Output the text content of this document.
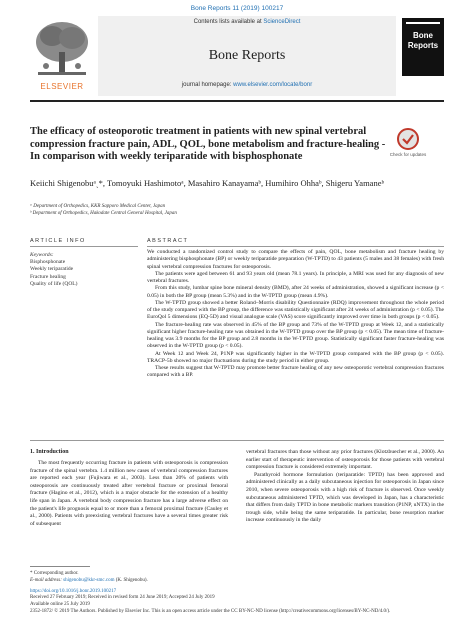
Bone Reports 11 (2019) 100217
ELSEVIER
Contents lists available at ScienceDirect
Bone Reports
journal homepage: www.elsevier.com/locate/bonr
Bone
Reports
The efficacy of osteoporotic treatment in patients with new spinal vertebral compression fracture pain, ADL, QOL, bone metabolism and fracture-healing - In comparison with weekly teriparatide with bisphosphonate	Check for updates
Keiichi Shigenobuᵃˎ*, Tomoyuki Hashimotoᵃ, Masahiro Kanayamaᵇ, Humihiro Ohhaᵇ, Shigeru Yamaneᵇ
ᵃ Department of Orthopedics, KKR Sapporo Medical Center, Japan
ᵇ Department of Orthopedics, Hakodate Central General Hospital, Japan
ARTICLE INFO	ABSTRACT
Keywords:
Bisphosphonate
Weekly teriparatide
Fracture healing
Quality of life (QOL)

We conducted a randomized control study to compare the effects of pain, QOL, bone metabolism and fracture healing by administering bisphosphonate (BP) or weekly teriparatide preparation (W-TPTD) to 43 patients (5 males and 38 females) with fresh spinal vertebral compression fractures for osteoporosis.

The patients were aged between 61 and 93 years old (mean 78.1 years). In principle, a MRI was used for any diagnosis of new vertebral fractures.

From this study, lumbar spine bone mineral density (BMD), after 24 weeks of administration, showed a significant increase (p < 0.05) in both the BP group (mean 5.3%) and in the W-TPTD group (mean 4.9%).

The W-TPTD group showed a better Roland–Morris disability Questionnaire (RDQ) improvement throughout the whole period of the study compared with the BP group, the difference was statistically significant after 24 weeks of administration (p < 0.05). The EuroQol 5 dimensions (EQ-5D) and visual analogue scale (VAS) score significantly improved over time in both groups (p < 0.05).

The fracture-healing rate was observed in 45% of the BP group and 73% of the W-TPTD group at Week 12, and a statistically significant higher fracture-healing rate was obtained in the W-TPTD group over the BP group (p < 0.05). The mean time of fracture-healing was 3.9 months for the BP group and 2.8 months in the W-TPTD group. Statistically significant faster fracture-healing was observed in the W-TPTD group (p < 0.05).

At Week 12 and Week 24, P1NP was significantly higher in the W-TPTD group compared with the BP group (p < 0.05). TRACP-5b showed no major fluctuations during the study period in either group.

These results suggest that W-TPTD may promote better fracture healing of any new osteoporotic vertebral compression fractures compared with a BP.

1. Introduction

The most frequently occurring fracture in patients with osteoporosis is compression fracture of the spinal vertebra. 1.4 million new cases of vertebral compression fractures are reported each year (Fujiwara et al., 2003). Less than 20% of patients with osteoporosis are continuously treated after vertebral fracture or proximal femoral fracture (Hagino et al., 2012), which is a major obstacle for the extension of a healthy life span in Japan. A vertebral body compression fracture has a large adverse effect on the patient's life prognosis equal to or more than a femoral proximal fracture (Cauley et al., 2000). Patients with preexisting vertebral fractures have a several times greater risk of subsequent

vertebral fractures than those without any prior fractures (Klotzbuecher et al., 2000). An earlier start of therapeutic intervention of osteoporosis for those patients with vertebral compression fracture is considered extremely important.

Parathyroid hormone formulation (teriparatide: TPTD) has been approved and administered clinically as a daily subcutaneous injection for osteoporosis in Japan since 2010, when severe osteoporosis with a high risk of fracture is observed. Once weekly subcutaneous administered TPTD, which was developed in Japan, has a characteristic that differs from daily TPTD in bone metabolic markers transition (P1NP, uNTX) in the trough side, while being the same teriparatide. In particular, bone resorption marker increase continuously in the daily

* Corresponding author.
E-mail address: shigenobu@kkr-smc.com (K. Shigenobu).
https://doi.org/10.1016/j.bonr.2019.100217
Received 27 February 2019; Received in revised form 24 June 2019; Accepted 24 July 2019
Available online 25 July 2019
2352-1872/ © 2019 The Authors. Published by Elsevier Inc. This is an open access article under the CC BY-NC-ND license (http://creativecommons.org/licenses/BY-NC-ND/4.0/).
